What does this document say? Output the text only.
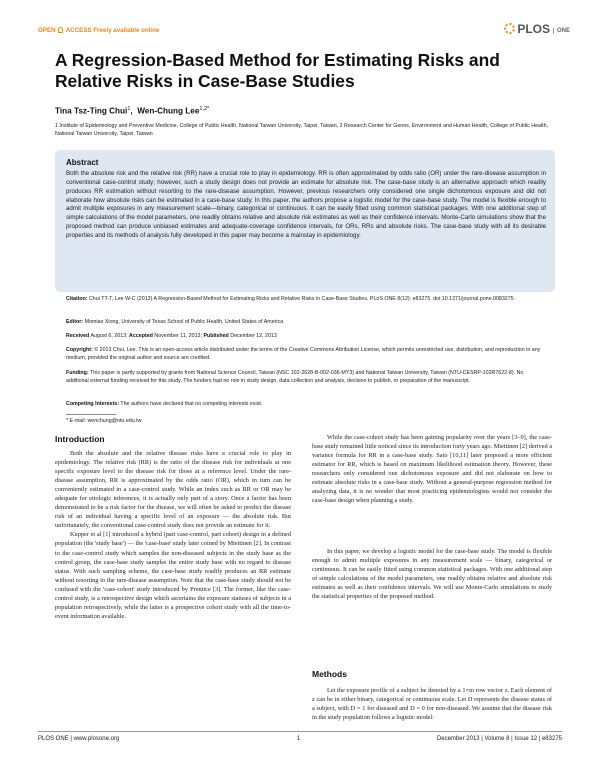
OPEN ACCESS Freely available online	PLOS ONE
A Regression-Based Method for Estimating Risks and Relative Risks in Case-Base Studies
Tina Tsz-Ting Chui$^1$,  Wen-Chung Lee$^{1,2*}$
1 Institute of Epidemiology and Preventive Medicine, College of Public Health, National Taiwan University, Taipei, Taiwan, 2 Research Center for Genes, Environment and Human Health, College of Public Health, National Taiwan University, Taipei, Taiwan
Abstract
Both the absolute risk and the relative risk (RR) have a crucial role to play in epidemiology. RR is often approximated by odds ratio (OR) under the rare-disease assumption in conventional case-control study; however, such a study design does not provide an estimate for absolute risk. The case-base study is an alternative approach which readily produces RR estimation without resorting to the rare-disease assumption. However, previous researchers only considered one single dichotomous exposure and did not elaborate how absolute risks can be estimated in a case-base study. In this paper, the authors propose a logistic model for the case-base study. The model is flexible enough to admit multiple exposures in any measurement scale—binary, categorical or continuous. It can be easily fitted using common statistical packages. With one additional step of simple calculations of the model parameters, one readily obtains relative and absolute risk estimates as well as their confidence intervals. Monte-Carlo simulations show that the proposed method can produce unbiased estimates and adequate-coverage confidence intervals, for ORs, RRs and absolute risks. The case-base study with all its desirable properties and its methods of analysis fully developed in this paper may become a mainstay in epidemiology.
Citation: Chui TT-T, Lee W-C (2013) A Regression-Based Method for Estimating Risks and Relative Risks in Case-Base Studies. PLoS ONE 8(12): e83275. doi:10.1371/journal.pone.0083275
Editor: Momiao Xiong, University of Texas School of Public Health, United States of America
Received August 6, 2013; Accepted November 11, 2013; Published December 12, 2013
Copyright: © 2013 Chui, Lee. This is an open-access article distributed under the terms of the Creative Commons Attribution License, which permits unrestricted use, distribution, and reproduction in any medium, provided the original author and source are credited.
Funding: This paper is partly supported by grants from National Science Council, Taiwan (NSC 102-2628-B-002-036-MY3) and National Taiwan University, Taiwan (NTU-CESRP-102R7622-8). No additional external funding received for this study. The funders had no role in study design, data collection and analysis, decision to publish, or preparation of the manuscript.
Competing Interests: The authors have declared that no competing interests exist.
* E-mail: wenchung@ntu.edu.tw
Introduction

Both the absolute and the relative disease risks have a crucial role to play in epidemiology. The relative risk (RR) is the ratio of the disease risk for individuals at one specific exposure level to the disease risk for those at a reference level. Under the rare-disease assumption, RR is approximated by the odds ratio (OR), which in turn can be conveniently estimated in a case-control study. While an index such as RR or OR may be adequate for etiologic inferences, it is actually only part of a story. Once a factor has been demonstrated to be a risk factor for the disease, we will often be asked to predict the disease risk of an individual having a specific level of an exposure — the absolute risk. But unfortunately, the conventional case-control study does not provide an estimate for it.

Kupper et al [1] introduced a hybrid (part case-control, part cohort) design in a defined population (the 'study base') — the 'case-base' study later coined by Miettinen [2]. In contrast to the case-control study which samples the non-diseased subjects in the study base as the control group, the case-base study samples the entire study base with no regard to disease status. With such sampling scheme, the case-base study readily produces an RR estimate without resorting to the rare-disease assumption. Note that the case-base study should not be confused with the 'case-cohort' study introduced by Prentice [3]. The former, like the case-control study, is a retrospective design which ascertains the exposure statuses of subjects in a population retrospectively, while the latter is a prospective cohort study with all the time-to-event information available.

While the case-cohort study has been gaining popularity over the years [3–9], the case-base study remained little noticed since its introduction forty years ago. Miettinen [2] derived a variance formula for RR in a case-base study. Sato [10,11] later proposed a more efficient estimator for RR, which is based on maximum likelihood estimation theory. However, these researchers only considered one dichotomous exposure and did not elaborate on how to estimate absolute risks in a case-base study. Without a general-purpose regression method for analyzing data, it is no wonder that most practicing epidemiologists would not consider the case-base design when planning a study.

In this paper, we develop a logistic model for the case-base study. The model is flexible enough to admit multiple exposures in any measurement scale — binary, categorical or continuous. It can be easily fitted using common statistical packages. With one additional step of simple calculations of the model parameters, one readily obtains relative and absolute risk estimates as well as their confidence intervals. We will use Monte-Carlo simulations to study the statistical properties of the proposed method.

Methods

Let the exposure profile of a subject be denoted by a 1×m row vector z. Each element of z can be in either binary, categorical or continuous scale. Let D represents the disease status of a subject, with D = 1 for diseased and D = 0 for non-diseased. We assume that the disease risk in the study population follows a logistic model:

PLOS ONE | www.plosone.org	1	December 2013 | Volume 8 | Issue 12 | e83275
